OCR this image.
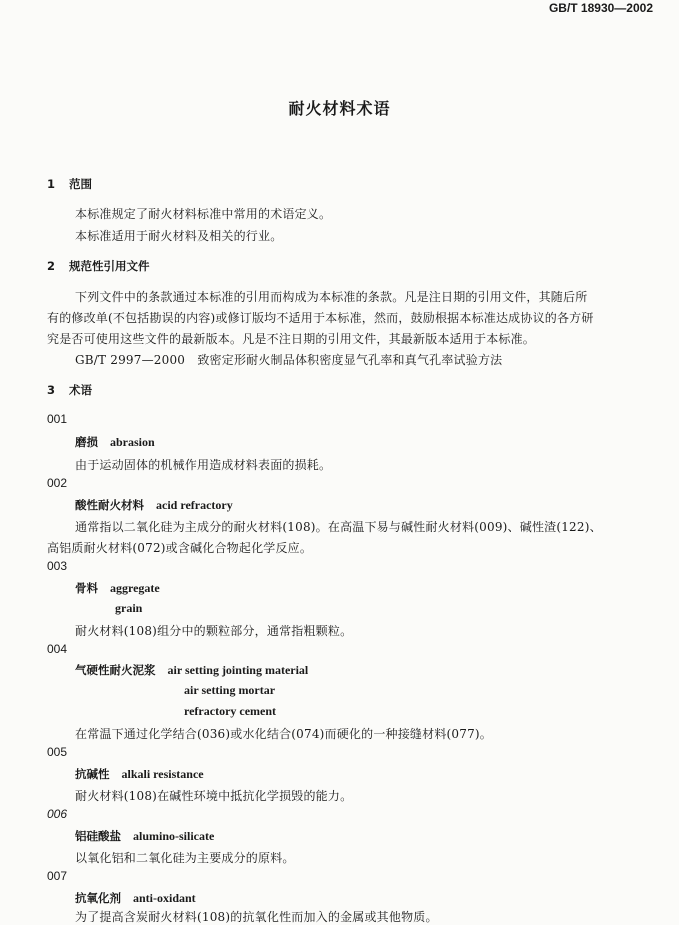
GB/T 18930—2002
耐火材料术语
1 范围
本标准规定了耐火材料标准中常用的术语定义。
本标准适用于耐火材料及相关的行业。
2 规范性引用文件
下列文件中的条款通过本标准的引用而构成为本标准的条款。凡是注日期的引用文件，其随后所
有的修改单(不包括勘误的内容)或修订版均不适用于本标准，然而，鼓励根据本标准达成协议的各方研
究是否可使用这些文件的最新版本。凡是不注日期的引用文件，其最新版本适用于本标准。
GB/T 2997—2000　致密定形耐火制品体积密度显气孔率和真气孔率试验方法
3 术语
001
磨损 abrasion
由于运动固体的机械作用造成材料表面的损耗。
002
酸性耐火材料 acid refractory
通常指以二氧化硅为主成分的耐火材料(108)。在高温下易与碱性耐火材料(009)、碱性渣(122)、
高铝质耐火材料(072)或含碱化合物起化学反应。
003
骨料 aggregate
grain
耐火材料(108)组分中的颗粒部分，通常指粗颗粒。
004
气硬性耐火泥浆 air setting jointing material
air setting mortar
refractory cement
在常温下通过化学结合(036)或水化结合(074)而硬化的一种接缝材料(077)。
005
抗碱性 alkali resistance
耐火材料(108)在碱性环境中抵抗化学损毁的能力。
006
铝硅酸盐 alumino-silicate
以氧化铝和二氧化硅为主要成分的原料。
007
抗氧化剂 anti-oxidant
为了提高含炭耐火材料(108)的抗氧化性而加入的金属或其他物质。
